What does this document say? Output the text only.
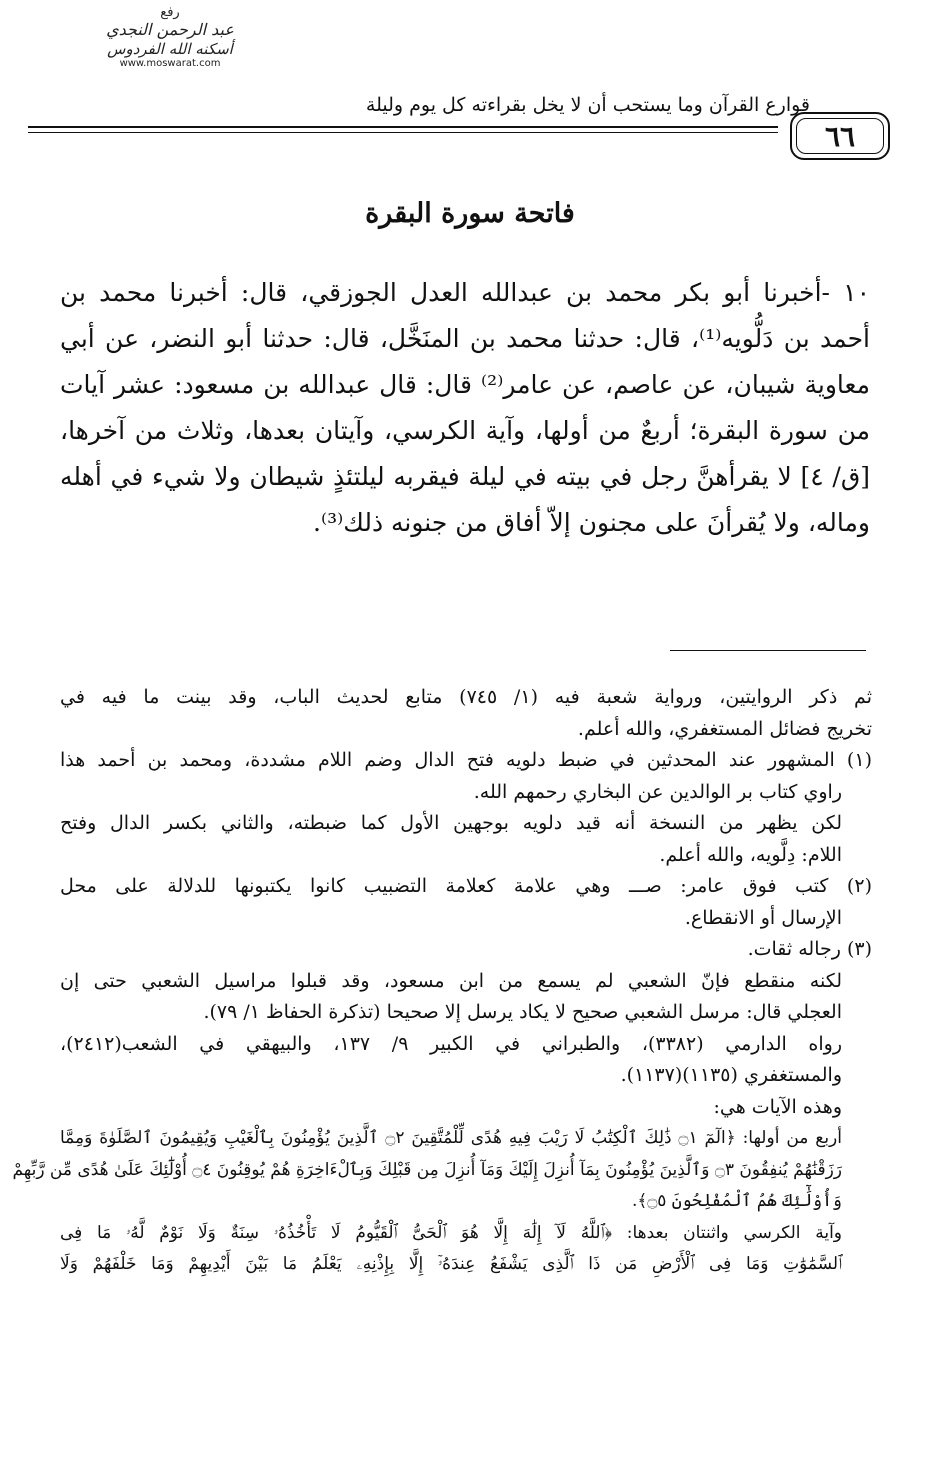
رفع
عبد الرحمن النجدي
أسكنه الله الفردوس
www.moswarat.com
قوارع القرآن وما يستحب أن لا يخل بقراءته كل يوم وليلة
٦٦
فاتحة سورة البقرة
١٠ -أخبرنا أبو بكر محمد بن عبدالله العدل الجوزقي، قال: أخبرنا محمد بن
أحمد بن دَلُّويه⁽¹⁾، قال: حدثنا محمد بن المنَخَّل، قال: حدثنا أبو النضر، عن أبي
معاوية شيبان، عن عاصم، عن عامر⁽²⁾ قال: قال عبدالله بن مسعود: عشر آيات
من سورة البقرة؛ أربعٌ من أولها، وآية الكرسي، وآيتان بعدها، وثلاث من آخرها،
[ق/ ٤] لا يقرأهنَّ رجل في بيته في ليلة فيقربه ليلتئذٍ شيطان ولا شيء في أهله
وماله، ولا يُقرأنَ على مجنون إلاّ أفاق من جنونه ذلك⁽³⁾.
ثم ذكر الروايتين، ورواية شعبة فيه (١/ ٧٤٥) متابع لحديث الباب، وقد بينت ما فيه في
تخريج فضائل المستغفري، والله أعلم.
(١) المشهور عند المحدثين في ضبط دلويه فتح الدال وضم اللام مشددة، ومحمد بن أحمد هذا
راوي كتاب بر الوالدين عن البخاري رحمهم الله.
لكن يظهر من النسخة أنه قيد دلويه بوجهين الأول كما ضبطته، والثاني بكسر الدال وفتح
اللام: دِلَّويه، والله أعلم.
(٢) كتب فوق عامر: صـــ وهي علامة كعلامة التضبيب كانوا يكتبونها للدلالة على محل
الإرسال أو الانقطاع.
(٣) رجاله ثقات.
لكنه منقطع فإنّ الشعبي لم يسمع من ابن مسعود، وقد قبلوا مراسيل الشعبي حتى إن
العجلي قال: مرسل الشعبي صحيح لا يكاد يرسل إلا صحيحا (تذكرة الحفاظ ١/ ٧٩).
رواه الدارمي (٣٣٨٢)، والطبراني في الكبير ٩/ ١٣٧، والبيهقي في الشعب(٢٤١٢)،
والمستغفري (١١٣٥)(١١٣٧).
وهذه الآيات هي:
أربع من أولها: ﴿الٓمٓ ۝١ ذَٰلِكَ ٱلْكِتَٰبُ لَا رَيْبَ فِيهِ هُدًى لِّلْمُتَّقِينَ ۝٢ ٱلَّذِينَ يُؤْمِنُونَ بِٱلْغَيْبِ وَيُقِيمُونَ ٱلصَّلَوٰةَ وَمِمَّا
رَزَقْنَٰهُمْ يُنفِقُونَ ۝٣ وَٱلَّذِينَ يُؤْمِنُونَ بِمَآ أُنزِلَ إِلَيْكَ وَمَآ أُنزِلَ مِن قَبْلِكَ وَبِٱلْءَاخِرَةِ هُمْ يُوقِنُونَ ۝٤ أُوْلَٰٓئِكَ عَلَىٰ هُدًى مِّن رَّبِّهِمْ
وَأُوْلَٰٓئِكَ هُمُ ٱلْمُفْلِحُونَ ۝٥﴾.
وآية الكرسي واثنتان بعدها: ﴿ٱللَّهُ لَآ إِلَٰهَ إِلَّا هُوَ ٱلْحَىُّ ٱلْقَيُّومُ لَا تَأْخُذُهُۥ سِنَةٌ وَلَا نَوْمٌ لَّهُۥ مَا فِى
ٱلسَّمَٰوَٰتِ وَمَا فِى ٱلْأَرْضِ مَن ذَا ٱلَّذِى يَشْفَعُ عِندَهُۥٓ إِلَّا بِإِذْنِهِۦ يَعْلَمُ مَا بَيْنَ أَيْدِيهِمْ وَمَا خَلْفَهُمْ وَلَا
